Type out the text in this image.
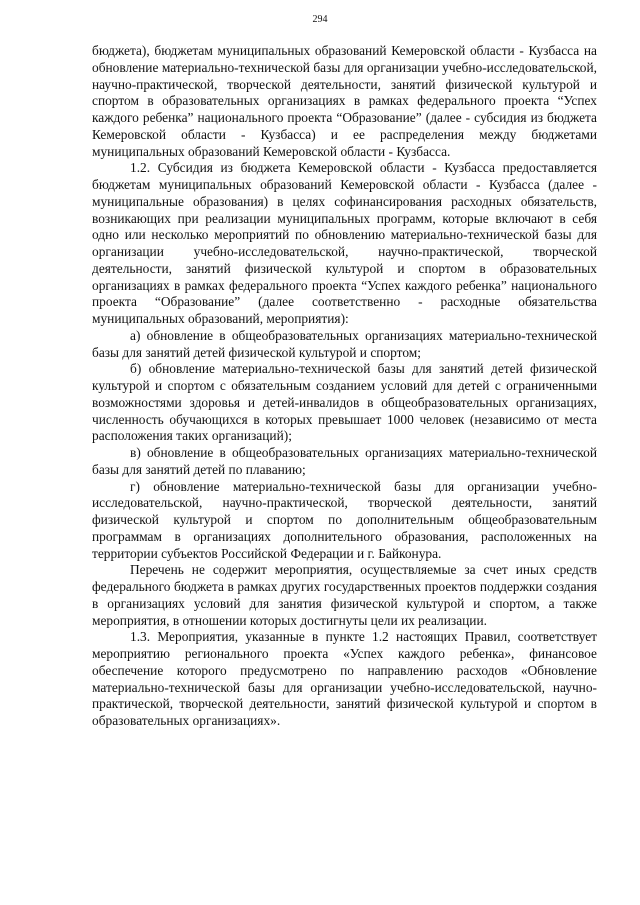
294

бюджета), бюджетам муниципальных образований Кемеровской области - Кузбасса на обновление материально-технической базы для организации учебно-исследовательской, научно-практической, творческой деятельности, занятий физической культурой и спортом в образовательных организациях в рамках федерального проекта “Успех каждого ребенка” национального проекта “Образование” (далее - субсидия из бюджета Кемеровской области - Кузбасса) и ее распределения между бюджетами муниципальных образований Кемеровской области - Кузбасса.

1.2. Субсидия из бюджета Кемеровской области - Кузбасса предоставляется бюджетам муниципальных образований Кемеровской области - Кузбасса (далее - муниципальные образования) в целях софинансирования расходных обязательств, возникающих при реализации муниципальных программ, которые включают в себя одно или несколько мероприятий по обновлению материально-технической базы для организации учебно-исследовательской, научно-практической, творческой деятельности, занятий физической культурой и спортом в образовательных организациях в рамках федерального проекта “Успех каждого ребенка” национального проекта “Образование” (далее соответственно - расходные обязательства муниципальных образований, мероприятия):

а) обновление в общеобразовательных организациях материально-технической базы для занятий детей физической культурой и спортом;

б) обновление материально-технической базы для занятий детей физической культурой и спортом с обязательным созданием условий для детей с ограниченными возможностями здоровья и детей-инвалидов в общеобразовательных организациях, численность обучающихся в которых превышает 1000 человек (независимо от места расположения таких организаций);

в) обновление в общеобразовательных организациях материально-технической базы для занятий детей по плаванию;

г) обновление материально-технической базы для организации учебно-исследовательской, научно-практической, творческой деятельности, занятий физической культурой и спортом по дополнительным общеобразовательным программам в организациях дополнительного образования, расположенных на территории субъектов Российской Федерации и г. Байконура.

Перечень не содержит мероприятия, осуществляемые за счет иных средств федерального бюджета в рамках других государственных проектов поддержки создания в организациях условий для занятия физической культурой и спортом, а также мероприятия, в отношении которых достигнуты цели их реализации.

1.3. Мероприятия, указанные в пункте 1.2 настоящих Правил, соответствует мероприятию регионального проекта «Успех каждого ребенка», финансовое обеспечение которого предусмотрено по направлению расходов «Обновление материально-технической базы для организации учебно-исследовательской, научно-практической, творческой деятельности, занятий физической культурой и спортом в образовательных организациях».
